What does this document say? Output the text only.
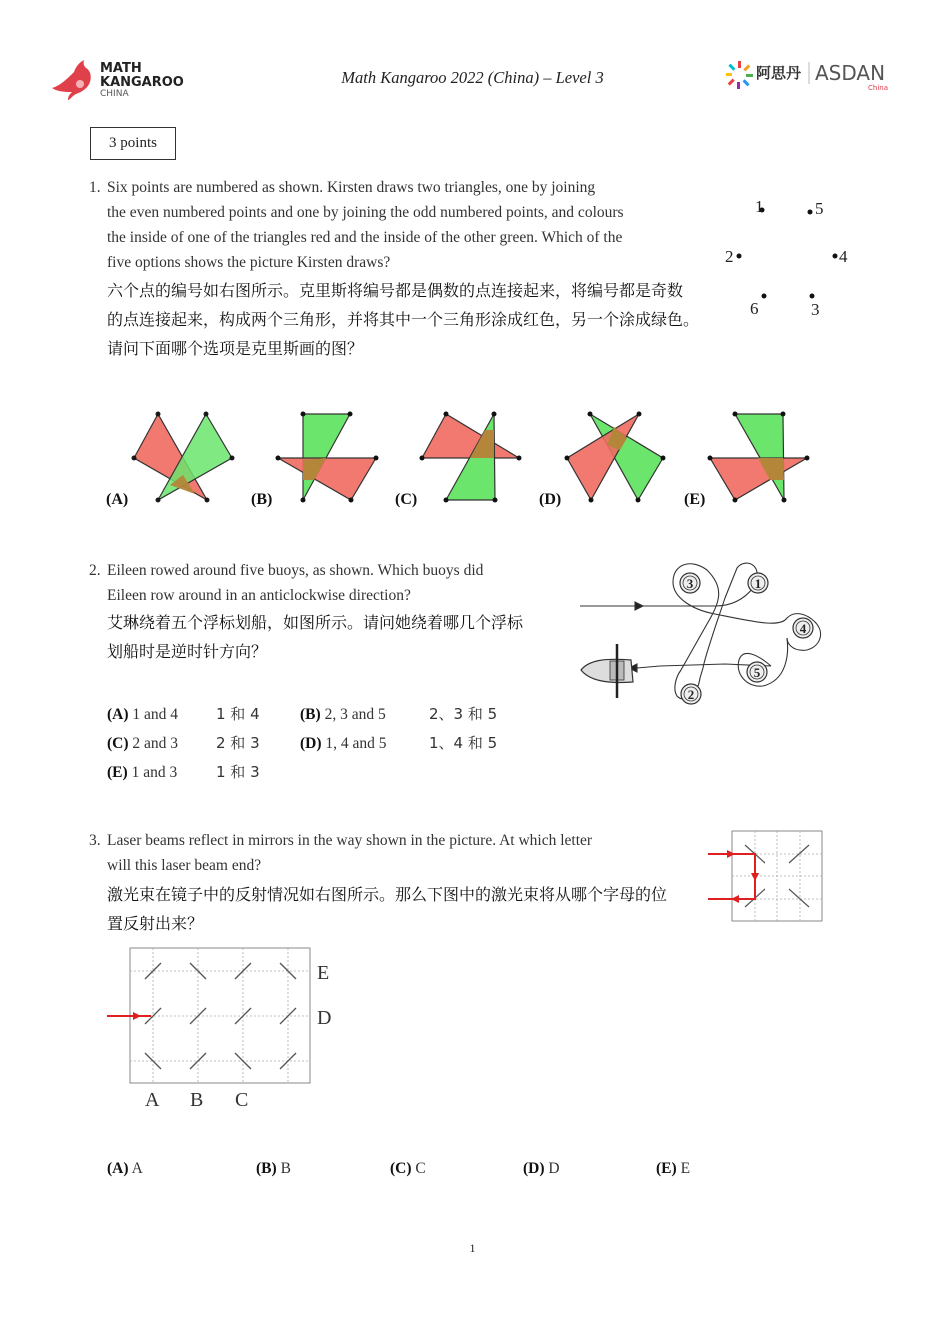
MATH
KANGAROO
CHINA
Math Kangaroo 2022 (China) – Level 3	阿思丹 ASDAN
China
3 points
1. Six points are numbered as shown. Kirsten draws two triangles, one by joining
the even numbered points and one by joining the odd numbered points, and colours
the inside of one of the triangles red and the inside of the other green. Which of the
five options shows the picture Kirsten draws?
六个点的编号如右图所示。克里斯将编号都是偶数的点连接起来，将编号都是奇数
的点连接起来，构成两个三角形，并将其中一个三角形涂成红色，另一个涂成绿色。
请问下面哪个选项是克里斯画的图？
1	5
2	4
6	3
(A)	(B)	(C)	(D)	(E)
2. Eileen rowed around five buoys, as shown. Which buoys did
Eileen row around in an anticlockwise direction?
艾琳绕着五个浮标划船，如图所示。请问她绕着哪几个浮标
划船时是逆时针方向？
3	1
4
5
2
(A) 1 and 4	1 和 4	(B) 2, 3 and 5	2、3 和 5
(C) 2 and 3	2 和 3	(D) 1, 4 and 5	1、4 和 5
(E) 1 and 3	1 和 3
3. Laser beams reflect in mirrors in the way shown in the picture. At which letter
will this laser beam end?
激光束在镜子中的反射情况如右图所示。那么下图中的激光束将从哪个字母的位
置反射出来？
E
D
A B C
(A) A	(B) B	(C) C	(D) D	(E) E
1
